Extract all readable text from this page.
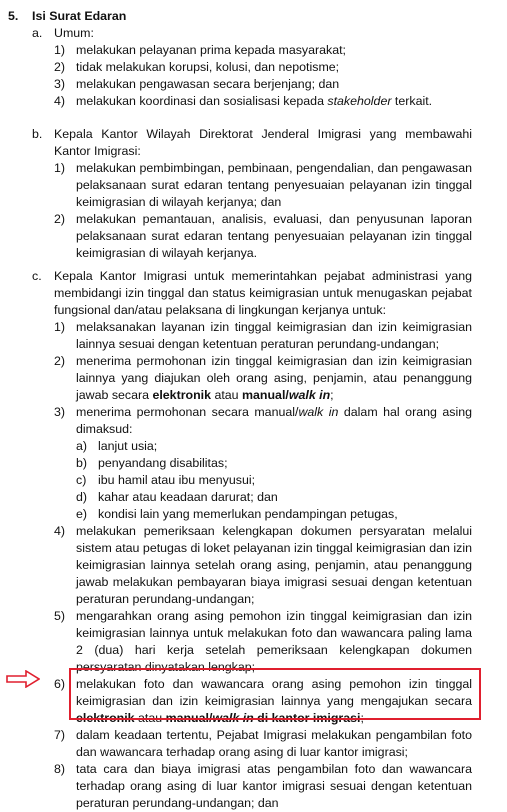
5. Isi Surat Edaran
a. Umum:
1) melakukan pelayanan prima kepada masyarakat;
2) tidak melakukan korupsi, kolusi, dan nepotisme;
3) melakukan pengawasan secara berjenjang; dan
4) melakukan koordinasi dan sosialisasi kepada stakeholder terkait.
b. Kepala Kantor Wilayah Direktorat Jenderal Imigrasi yang membawahi Kantor Imigrasi:
1) melakukan pembimbingan, pembinaan, pengendalian, dan pengawasan pelaksanaan surat edaran tentang penyesuaian pelayanan izin tinggal keimigrasian di wilayah kerjanya; dan
2) melakukan pemantauan, analisis, evaluasi, dan penyusunan laporan pelaksanaan surat edaran tentang penyesuaian pelayanan izin tinggal keimigrasian di wilayah kerjanya.
c. Kepala Kantor Imigrasi untuk memerintahkan pejabat administrasi yang membidangi izin tinggal dan status keimigrasian untuk menugaskan pejabat fungsional dan/atau pelaksana di lingkungan kerjanya untuk:
1) melaksanakan layanan izin tinggal keimigrasian dan izin keimigrasian lainnya sesuai dengan ketentuan peraturan perundang-undangan;
2) menerima permohonan izin tinggal keimigrasian dan izin keimigrasian lainnya yang diajukan oleh orang asing, penjamin, atau penanggung jawab secara elektronik atau manual/walk in;
3) menerima permohonan secara manual/walk in dalam hal orang asing dimaksud:
a) lanjut usia;
b) penyandang disabilitas;
c) ibu hamil atau ibu menyusui;
d) kahar atau keadaan darurat; dan
e) kondisi lain yang memerlukan pendampingan petugas,
4) melakukan pemeriksaan kelengkapan dokumen persyaratan melalui sistem atau petugas di loket pelayanan izin tinggal keimigrasian dan izin keimigrasian lainnya setelah orang asing, penjamin, atau penanggung jawab melakukan pembayaran biaya imigrasi sesuai dengan ketentuan peraturan perundang-undangan;
5) mengarahkan orang asing pemohon izin tinggal keimigrasian dan izin keimigrasian lainnya untuk melakukan foto dan wawancara paling lama 2 (dua) hari kerja setelah pemeriksaan kelengkapan dokumen persyaratan dinyatakan lengkap;
6) melakukan foto dan wawancara orang asing pemohon izin tinggal keimigrasian dan izin keimigrasian lainnya yang mengajukan secara elektronik atau manual/walk in di kantor imigrasi;
7) dalam keadaan tertentu, Pejabat Imigrasi melakukan pengambilan foto dan wawancara terhadap orang asing di luar kantor imigrasi;
8) tata cara dan biaya imigrasi atas pengambilan foto dan wawancara terhadap orang asing di luar kantor imigrasi sesuai dengan ketentuan peraturan perundang-undangan; dan
